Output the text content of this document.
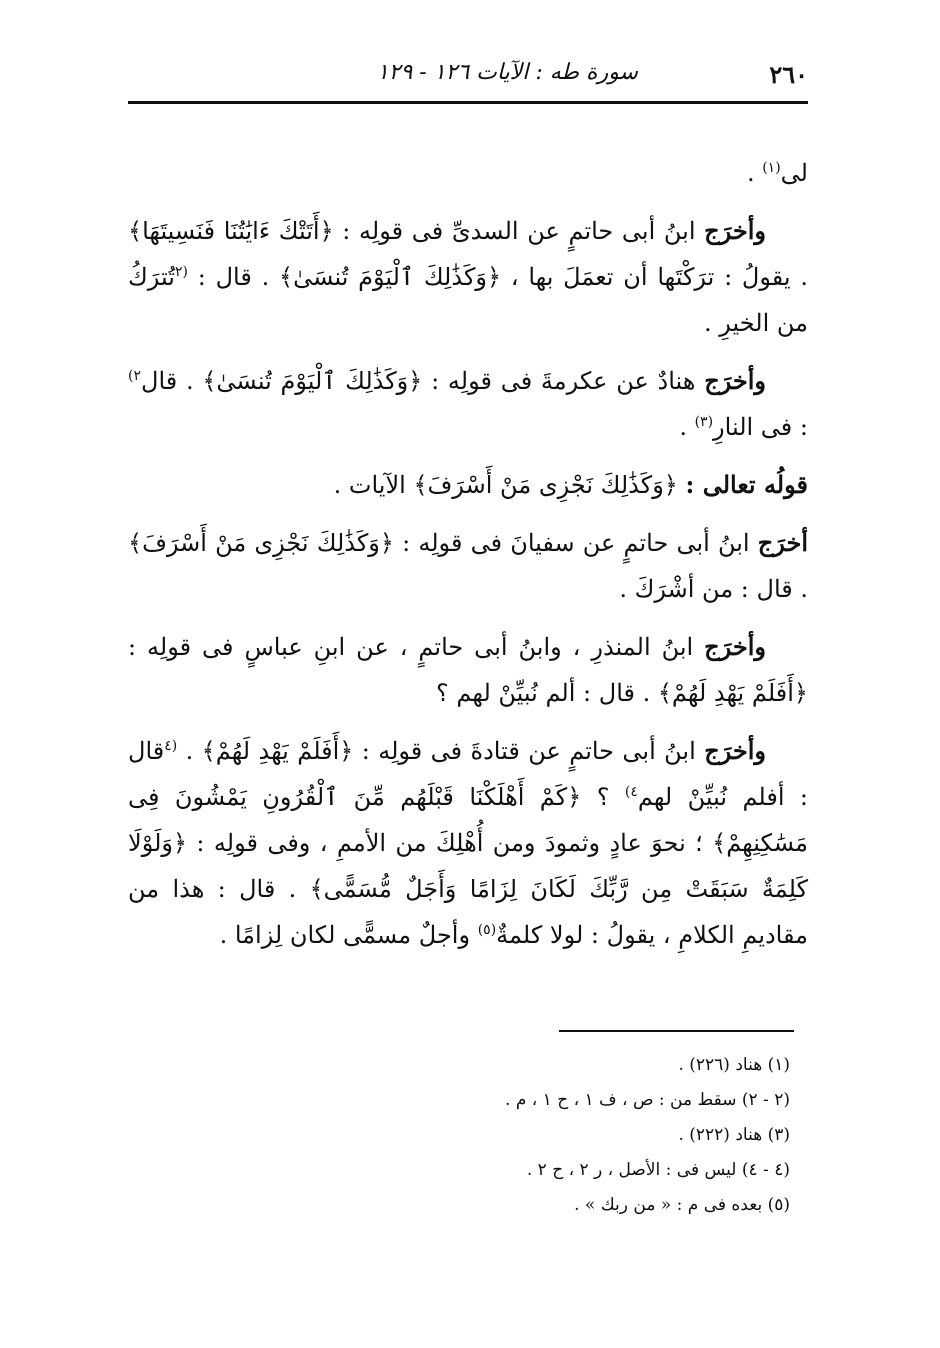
٢٦٠
سورة طه : الآيات ١٢٦ - ١٢٩

لى$^{(١)}$ .

وأخرَج ابنُ أبى حاتمٍ عن السدىِّ فى قولِه : ﴿أَتَتْكَ ءَايَٰتُنَا فَنَسِيتَهَا﴾ . يقولُ : ترَكْتَها أن تعمَلَ بها ، ﴿وَكَذَٰلِكَ ٱلْيَوْمَ تُنسَىٰ﴾ . قال : $^{(٢}$تُترَكُ من الخيرِ .

وأخرَج هنادٌ عن عكرمةَ فى قولِه : ﴿وَكَذَٰلِكَ ٱلْيَوْمَ تُنسَىٰ﴾ . قال$^{٢)}$ : فى النارِ$^{(٣)}$ .

قولُه تعالى : ﴿وَكَذَٰلِكَ نَجْزِى مَنْ أَسْرَفَ﴾ الآيات .

أخرَج ابنُ أبى حاتمٍ عن سفيانَ فى قولِه : ﴿وَكَذَٰلِكَ نَجْزِى مَنْ أَسْرَفَ﴾ . قال : من أشْرَكَ .

وأخرَج ابنُ المنذرِ ، وابنُ أبى حاتمٍ ، عن ابنِ عباسٍ فى قولِه : ﴿أَفَلَمْ يَهْدِ لَهُمْ﴾ . قال : ألم نُبيِّنْ لهم ؟

وأخرَج ابنُ أبى حاتمٍ عن قتادةَ فى قولِه : ﴿أَفَلَمْ يَهْدِ لَهُمْ﴾ . $^{(٤}$قال : أفلم نُبيِّنْ لهم$^{٤)}$ ؟ ﴿كَمْ أَهْلَكْنَا قَبْلَهُم مِّنَ ٱلْقُرُونِ يَمْشُونَ فِى مَسَٰكِنِهِمْ﴾ ؛ نحوَ عادٍ وثمودَ ومن أُهْلِكَ من الأممِ ، وفى قولِه : ﴿وَلَوْلَا كَلِمَةٌ سَبَقَتْ مِن رَّبِّكَ لَكَانَ لِزَامًا وَأَجَلٌ مُّسَمًّى﴾ . قال : هذا من مقاديمِ الكلامِ ، يقولُ : لولا كلمةٌ$^{(٥)}$ وأجلٌ مسمًّى لكان لِزامًا .

(١) هناد (٢٢٦) .

(٢ - ٢) سقط من : ص ، ف ١ ، ح ١ ، م .

(٣) هناد (٢٢٢) .

(٤ - ٤) ليس فى : الأصل ، ر ٢ ، ح ٢ .

(٥) بعده فى م : « من ربك » .
